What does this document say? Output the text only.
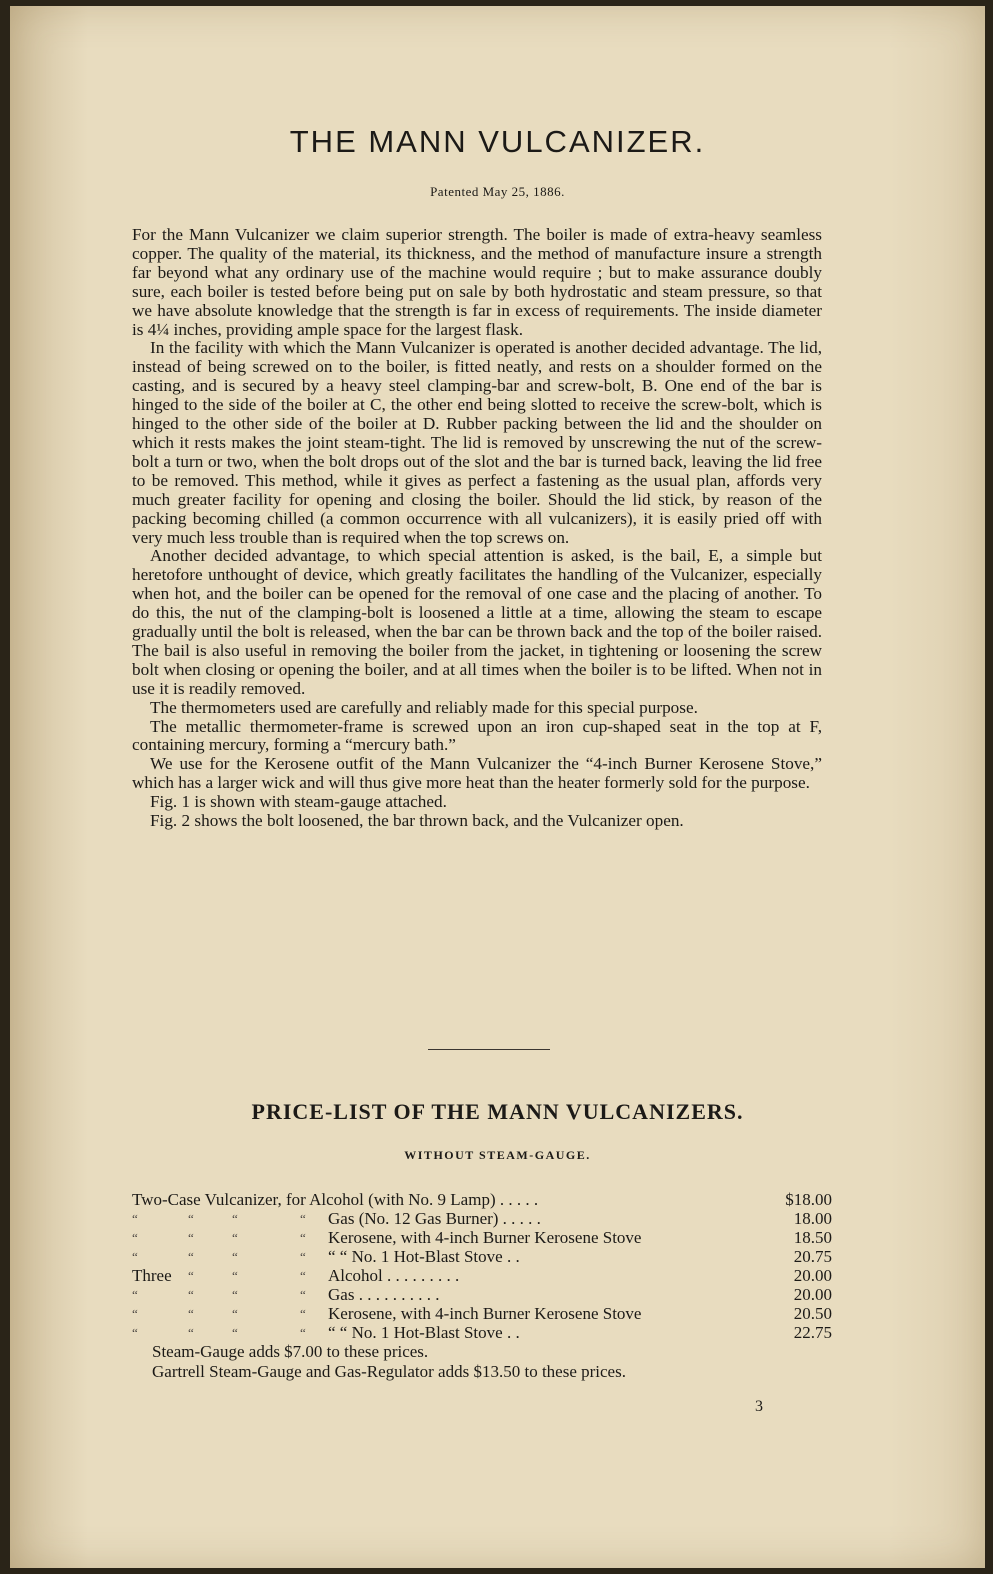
THE MANN VULCANIZER.
Patented May 25, 1886.

For the Mann Vulcanizer we claim superior strength. The boiler is made of extra-heavy seamless copper. The quality of the material, its thickness, and the method of manufacture insure a strength far beyond what any ordinary use of the machine would require ; but to make assurance doubly sure, each boiler is tested before being put on sale by both hydrostatic and steam pressure, so that we have absolute knowledge that the strength is far in excess of requirements. The inside diameter is 4¼ inches, providing ample space for the largest flask.

In the facility with which the Mann Vulcanizer is operated is another decided advantage. The lid, instead of being screwed on to the boiler, is fitted neatly, and rests on a shoulder formed on the casting, and is secured by a heavy steel clamping-bar and screw-bolt, B. One end of the bar is hinged to the side of the boiler at C, the other end being slotted to receive the screw-bolt, which is hinged to the other side of the boiler at D. Rubber packing between the lid and the shoulder on which it rests makes the joint steam-tight. The lid is removed by unscrewing the nut of the screw-bolt a turn or two, when the bolt drops out of the slot and the bar is turned back, leaving the lid free to be removed. This method, while it gives as perfect a fastening as the usual plan, affords very much greater facility for opening and closing the boiler. Should the lid stick, by reason of the packing becoming chilled (a common occurrence with all vulcanizers), it is easily pried off with very much less trouble than is required when the top screws on.

Another decided advantage, to which special attention is asked, is the bail, E, a simple but heretofore unthought of device, which greatly facilitates the handling of the Vulcanizer, especially when hot, and the boiler can be opened for the removal of one case and the placing of another. To do this, the nut of the clamping-bolt is loosened a little at a time, allowing the steam to escape gradually until the bolt is released, when the bar can be thrown back and the top of the boiler raised. The bail is also useful in removing the boiler from the jacket, in tightening or loosening the screw bolt when closing or opening the boiler, and at all times when the boiler is to be lifted. When not in use it is readily removed.

The thermometers used are carefully and reliably made for this special purpose.

The metallic thermometer-frame is screwed upon an iron cup-shaped seat in the top at F, containing mercury, forming a “mercury bath.”

We use for the Kerosene outfit of the Mann Vulcanizer the “4-inch Burner Kerosene Stove,” which has a larger wick and will thus give more heat than the heater formerly sold for the purpose.

Fig. 1 is shown with steam-gauge attached.

Fig. 2 shows the bolt loosened, the bar thrown back, and the Vulcanizer open.

PRICE-LIST OF THE MANN VULCANIZERS.
WITHOUT STEAM-GAUGE.
Two-Case Vulcanizer, for Alcohol (with No. 9 Lamp) . . . . .	$18.00
“	“	“	“	Gas (No. 12 Gas Burner) . . . . .	18.00
“	“	“	“	Kerosene, with 4-inch Burner Kerosene Stove	18.50
“	“	“	“	“ “ No. 1 Hot-Blast Stove . .	20.75
Three	“	“	“	Alcohol . . . . . . . . .	20.00
“	“	“	“	Gas . . . . . . . . . .	20.00
“	“	“	“	Kerosene, with 4-inch Burner Kerosene Stove	20.50
“	“	“	“	“ “ No. 1 Hot-Blast Stove . .	22.75
Steam-Gauge adds $7.00 to these prices.
Gartrell Steam-Gauge and Gas-Regulator adds $13.50 to these prices.
3
